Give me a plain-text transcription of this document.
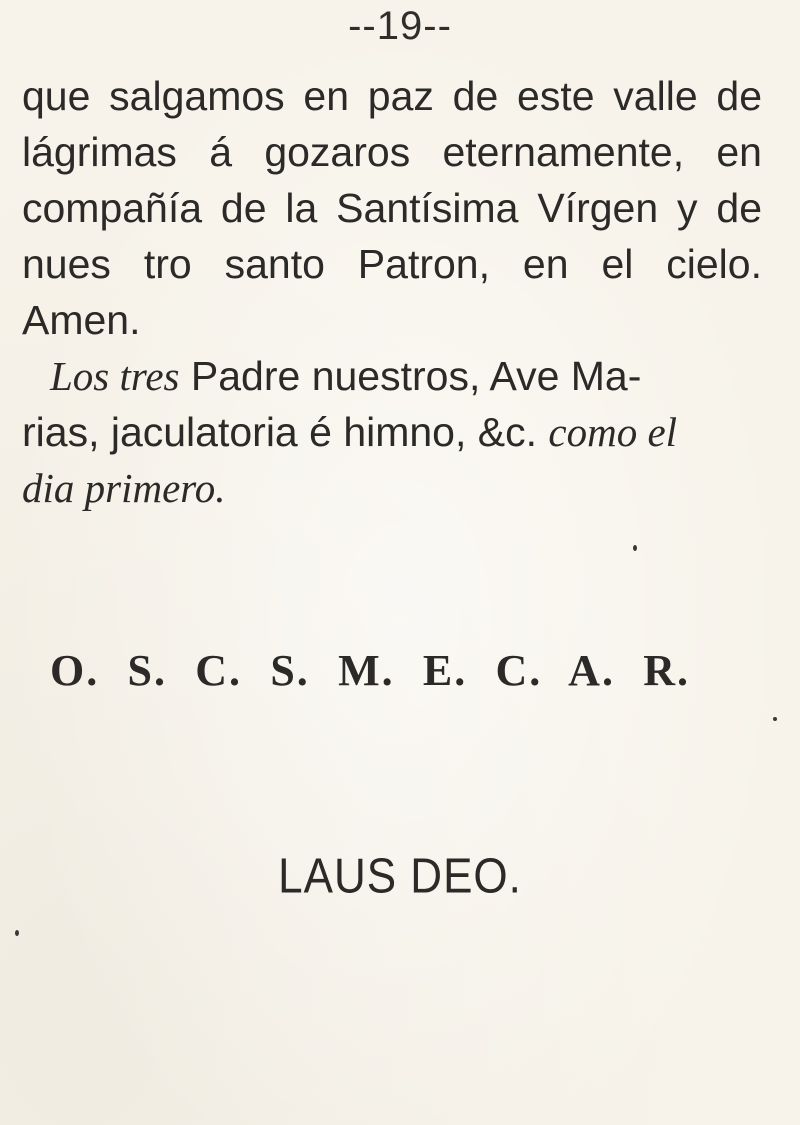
--19--
que salgamos en paz de este valle de
lágrimas á gozaros eternamente, en
compañía de la Santísima Vírgen y de
nues tro santo Patron, en el cielo.
Amen.
Los tres Padre nuestros, Ave Ma-
rias, jaculatoria é himno, &c. como el
dia primero.
O. S. C. S. M. E. C. A. R.
LAUS DEO.
